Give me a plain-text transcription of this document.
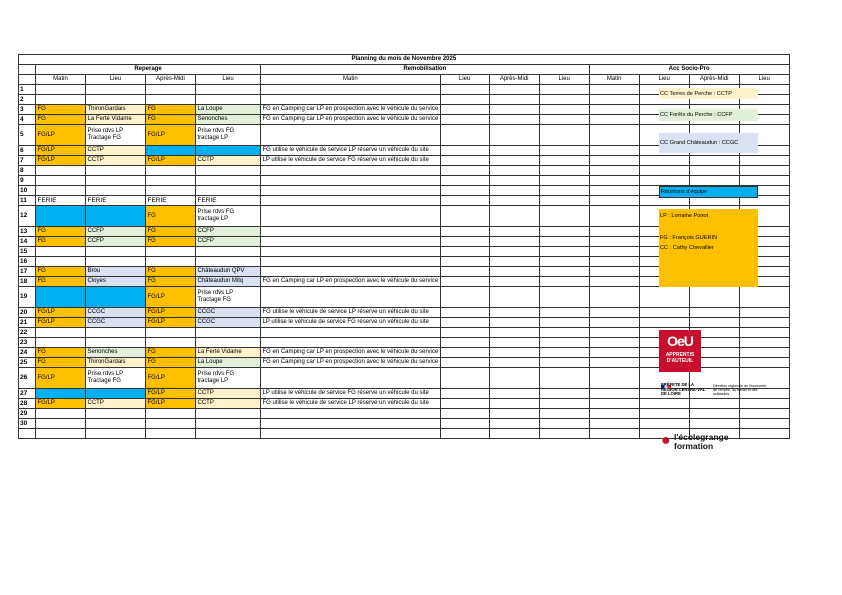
Planning du mois de Novembre 2025												
	Reperage				Remobilisation				Acc Socio-Pro			
	Matin	Lieu	Après-Midi	Lieu	Matin	Lieu	Après-Midi	Lieu	Matin	Lieu	Après-Midi	Lieu
1												
2												
3	FG	ThironGardais	FG	La Loupe	FG en Camping car LP en prospection avec le véhicule du service							
4	FG	La Ferté Vidame	FG	Senonches	FG en Camping car LP en prospection avec le véhicule du service							
5	FG/LP	Prise rdvs LP
Tractage FG	FG/LP	Prise rdvs FG
tractage LP								
6	FG/LP	CCTP			FG utilise le véhicule de service LP réserve un véhicule du site							
7	FG/LP	CCTP	FG/LP	CCTP	LP utilise le véhicule de service FG réserve un véhicule du site							
8												
9												
10												
11	FERIE	FERIE	FERIE	FERIE								
12			FG	Prise rdvs FG
tractage LP								
13	FG	CCFP	FG	CCFP								
14	FG	CCFP	FG	CCFP								
15												
16												
17	FG	Brou	FG	Châteaudun QPV								
18	FG	Cloyes	FG	Châteaudun Mitq	FG en Camping car LP en prospection avec le véhicule du service							
19			FG/LP	Prise rdvs LP
Tractage FG								
20	FG/LP	CCGC	FG/LP	CCGC	FG utilise le véhicule de service LP réserve un véhicule du site							
21	FG/LP	CCGC	FG/LP	CCGC	LP utilise le véhicule de service FG réserve un véhicule du site							
22												
23												
24	FG	Senonches	FG	La Ferté Vidame	FG en Camping car LP en prospection avec le véhicule du service							
25	FG	ThironGardais	FG	La Loupe	FG en Camping car LP en prospection avec le véhicule du service							
26	FG/LP	Prise rdvs LP
Tractage FG	FG/LP	Prise rdvs FG
tractage LP								
27			FG/LP	CCTP	LP utilise le véhicule de service FG réserve un véhicule du site							
28	FG/LP	CCTP	FG/LP	CCTP	FG utilise le véhicule de service LP réserve un véhicule du site							
29												
30												

CC Terres de Perche : CCTP
CC Forêts du Perche : CCFP
CC Grand Châteaudun : CCGC
Réunions d'équipe
LP : Lorraine Poirot
FG : François GUERIN
CC : Cathy Chevallier
OeU
APPRENTIS D'AUTEUIL
PRÉFETE DE LA RÉGION CENTRE-VAL DE LOIRE
Direction régionale de l'économie, de l'emploi, du travail et des solidarités
● l'écolegrange formation
